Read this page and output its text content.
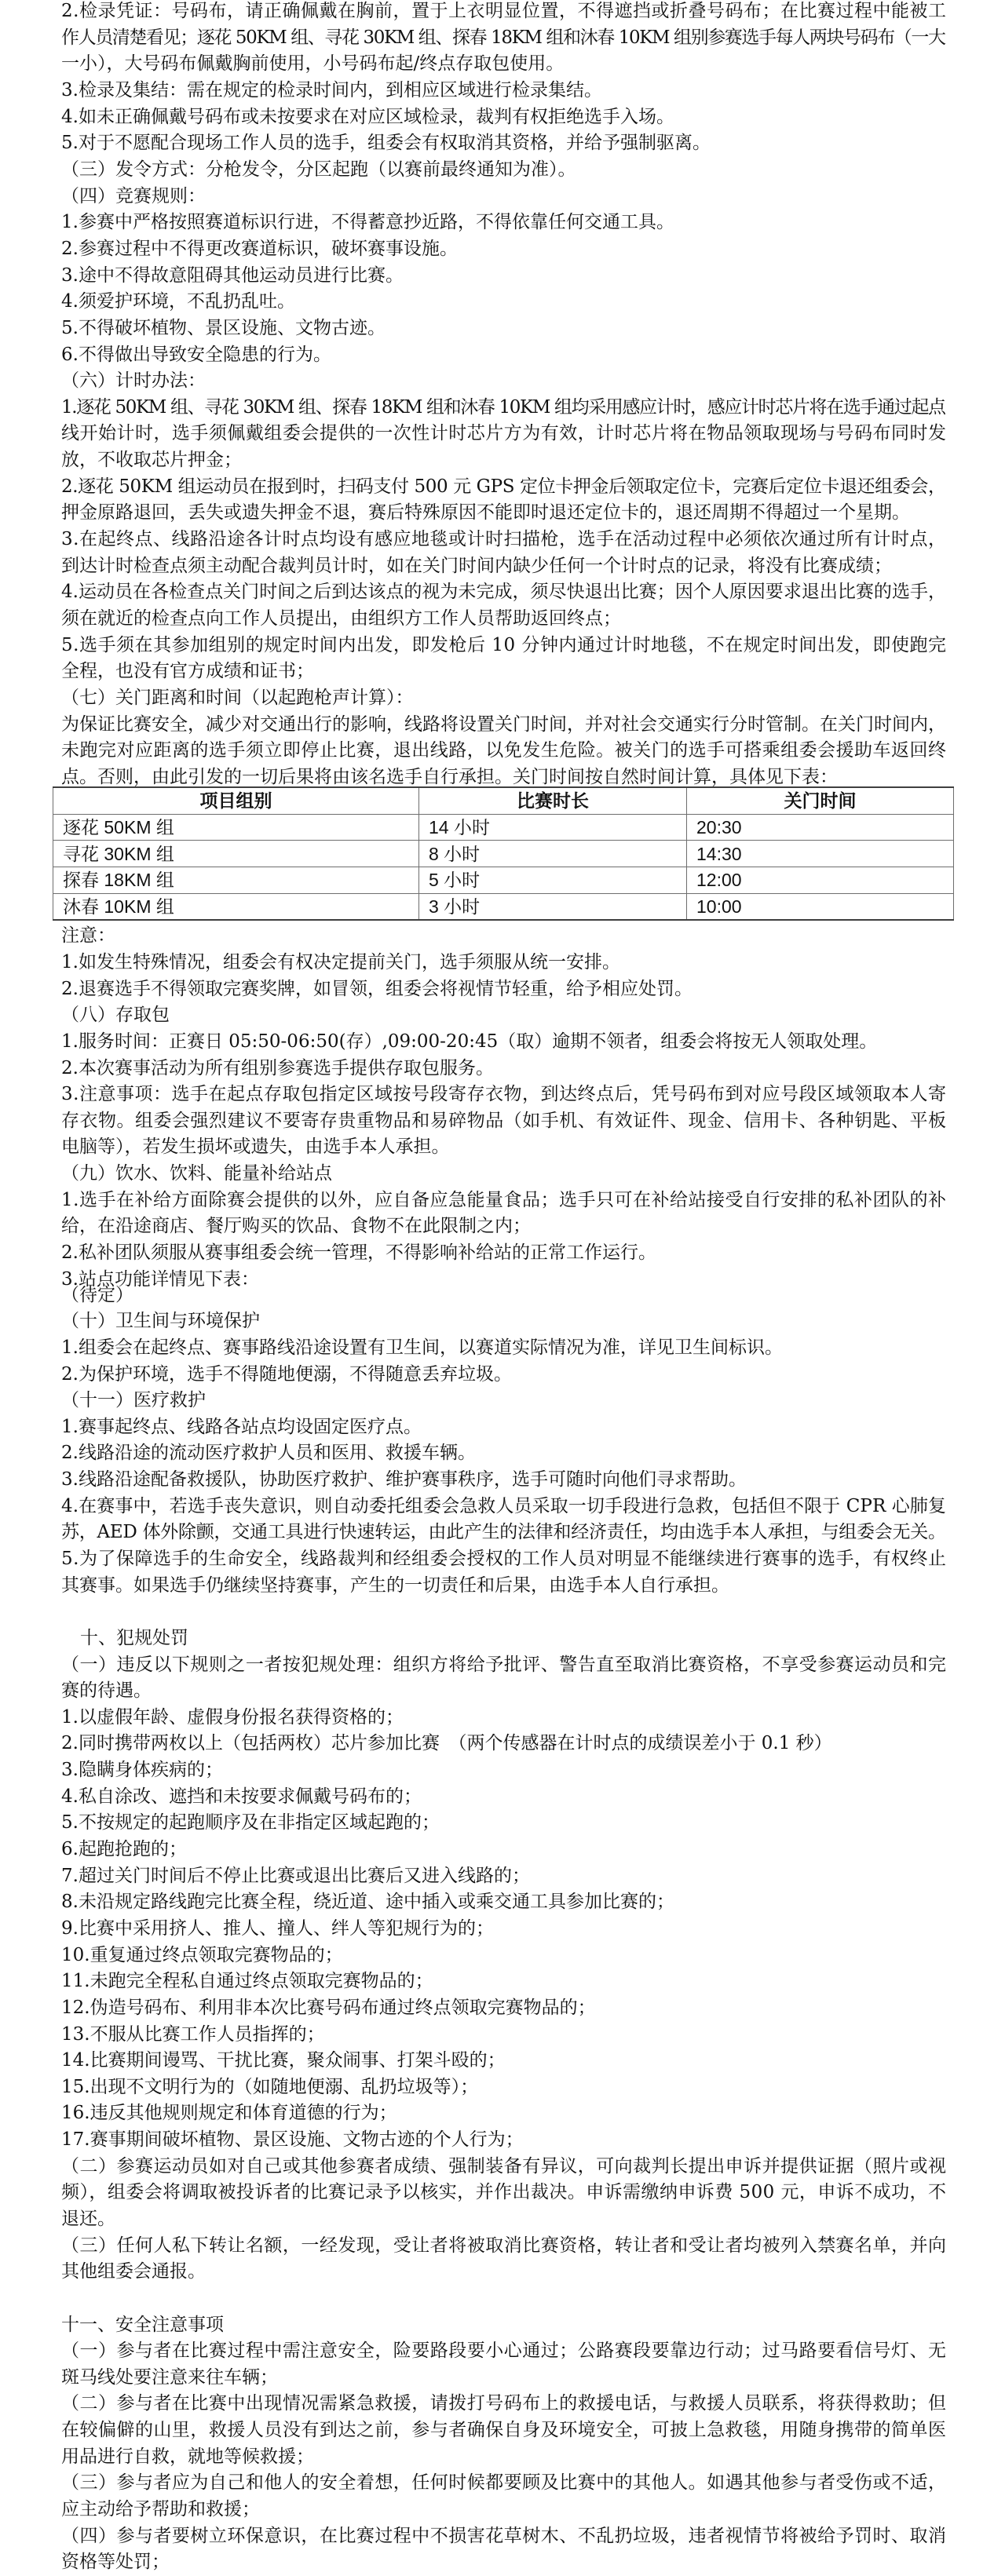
2.检录凭证：号码布，请正确佩戴在胸前，置于上衣明显位置，不得遮挡或折叠号码布；在比赛过程中能被工
作人员清楚看见；逐花 50KM 组、寻花 30KM 组、探春 18KM 组和沐春 10KM 组别参赛选手每人两块号码布（一大
一小），大号码布佩戴胸前使用，小号码布起/终点存取包使用。
3.检录及集结：需在规定的检录时间内，到相应区域进行检录集结。
4.如未正确佩戴号码布或未按要求在对应区域检录，裁判有权拒绝选手入场。
5.对于不愿配合现场工作人员的选手，组委会有权取消其资格，并给予强制驱离。
（三）发令方式：分枪发令，分区起跑（以赛前最终通知为准）。
（四）竞赛规则：
1.参赛中严格按照赛道标识行进，不得蓄意抄近路，不得依靠任何交通工具。
2.参赛过程中不得更改赛道标识，破坏赛事设施。
3.途中不得故意阻碍其他运动员进行比赛。
4.须爱护环境，不乱扔乱吐。
5.不得破坏植物、景区设施、文物古迹。
6.不得做出导致安全隐患的行为。
（六）计时办法：
1.逐花 50KM 组、寻花 30KM 组、探春 18KM 组和沐春 10KM 组均采用感应计时，感应计时芯片将在选手通过起点
线开始计时，选手须佩戴组委会提供的一次性计时芯片方为有效，计时芯片将在物品领取现场与号码布同时发
放，不收取芯片押金；
2.逐花 50KM 组运动员在报到时，扫码支付 500 元 GPS 定位卡押金后领取定位卡，完赛后定位卡退还组委会，
押金原路退回，丢失或遗失押金不退，赛后特殊原因不能即时退还定位卡的，退还周期不得超过一个星期。
3.在起终点、线路沿途各计时点均设有感应地毯或计时扫描枪，选手在活动过程中必须依次通过所有计时点，
到达计时检查点须主动配合裁判员计时，如在关门时间内缺少任何一个计时点的记录，将没有比赛成绩；
4.运动员在各检查点关门时间之后到达该点的视为未完成，须尽快退出比赛；因个人原因要求退出比赛的选手，
须在就近的检查点向工作人员提出，由组织方工作人员帮助返回终点；
5.选手须在其参加组别的规定时间内出发，即发枪后 10 分钟内通过计时地毯，不在规定时间出发，即使跑完
全程，也没有官方成绩和证书；
（七）关门距离和时间（以起跑枪声计算）：
为保证比赛安全，减少对交通出行的影响，线路将设置关门时间，并对社会交通实行分时管制。在关门时间内，
未跑完对应距离的选手须立即停止比赛，退出线路，以免发生危险。被关门的选手可搭乘组委会援助车返回终
点。否则，由此引发的一切后果将由该名选手自行承担。关门时间按自然时间计算，具体见下表：
项目组别	比赛时长	关门时间
逐花 50KM 组	14 小时	20:30
寻花 30KM 组	8 小时	14:30
探春 18KM 组	5 小时	12:00
沐春 10KM 组	3 小时	10:00
注意：
1.如发生特殊情况，组委会有权决定提前关门，选手须服从统一安排。
2.退赛选手不得领取完赛奖牌，如冒领，组委会将视情节轻重，给予相应处罚。
（八）存取包
1.服务时间：正赛日 05:50-06:50(存）,09:00-20:45（取）逾期不领者，组委会将按无人领取处理。
2.本次赛事活动为所有组别参赛选手提供存取包服务。
3.注意事项：选手在起点存取包指定区域按号段寄存衣物，到达终点后，凭号码布到对应号段区域领取本人寄
存衣物。组委会强烈建议不要寄存贵重物品和易碎物品（如手机、有效证件、现金、信用卡、各种钥匙、平板
电脑等），若发生损坏或遗失，由选手本人承担。
（九）饮水、饮料、能量补给站点
1.选手在补给方面除赛会提供的以外，应自备应急能量食品；选手只可在补给站接受自行安排的私补团队的补
给，在沿途商店、餐厅购买的饮品、食物不在此限制之内；
2.私补团队须服从赛事组委会统一管理，不得影响补给站的正常工作运行。
3.站点功能详情见下表：
（待定）
（十）卫生间与环境保护
1.组委会在起终点、赛事路线沿途设置有卫生间，以赛道实际情况为准，详见卫生间标识。
2.为保护环境，选手不得随地便溺，不得随意丢弃垃圾。
（十一）医疗救护
1.赛事起终点、线路各站点均设固定医疗点。
2.线路沿途的流动医疗救护人员和医用、救援车辆。
3.线路沿途配备救援队，协助医疗救护、维护赛事秩序，选手可随时向他们寻求帮助。
4.在赛事中，若选手丧失意识，则自动委托组委会急救人员采取一切手段进行急救，包括但不限于 CPR 心肺复
苏，AED 体外除颤，交通工具进行快速转运，由此产生的法律和经济责任，均由选手本人承担，与组委会无关。
5.为了保障选手的生命安全，线路裁判和经组委会授权的工作人员对明显不能继续进行赛事的选手，有权终止
其赛事。如果选手仍继续坚持赛事，产生的一切责任和后果，由选手本人自行承担。
十、犯规处罚
（一）违反以下规则之一者按犯规处理：组织方将给予批评、警告直至取消比赛资格，不享受参赛运动员和完
赛的待遇。
1.以虚假年龄、虚假身份报名获得资格的；
2.同时携带两枚以上（包括两枚）芯片参加比赛　（两个传感器在计时点的成绩误差小于 0.1 秒）
3.隐瞒身体疾病的；
4.私自涂改、遮挡和未按要求佩戴号码布的；
5.不按规定的起跑顺序及在非指定区域起跑的；
6.起跑抢跑的；
7.超过关门时间后不停止比赛或退出比赛后又进入线路的；
8.未沿规定路线跑完比赛全程，绕近道、途中插入或乘交通工具参加比赛的；
9.比赛中采用挤人、推人、撞人、绊人等犯规行为的；
10.重复通过终点领取完赛物品的；
11.未跑完全程私自通过终点领取完赛物品的；
12.伪造号码布、利用非本次比赛号码布通过终点领取完赛物品的；
13.不服从比赛工作人员指挥的；
14.比赛期间谩骂、干扰比赛，聚众闹事、打架斗殴的；
15.出现不文明行为的（如随地便溺、乱扔垃圾等）；
16.违反其他规则规定和体育道德的行为；
17.赛事期间破坏植物、景区设施、文物古迹的个人行为；
（二）参赛运动员如对自己或其他参赛者成绩、强制装备有异议，可向裁判长提出申诉并提供证据（照片或视
频），组委会将调取被投诉者的比赛记录予以核实，并作出裁决。申诉需缴纳申诉费 500 元，申诉不成功，不
退还。
（三）任何人私下转让名额，一经发现，受让者将被取消比赛资格，转让者和受让者均被列入禁赛名单，并向
其他组委会通报。
十一、安全注意事项
（一）参与者在比赛过程中需注意安全，险要路段要小心通过；公路赛段要靠边行动；过马路要看信号灯、无
斑马线处要注意来往车辆；
（二）参与者在比赛中出现情况需紧急救援，请拨打号码布上的救援电话，与救援人员联系，将获得救助；但
在较偏僻的山里，救援人员没有到达之前，参与者确保自身及环境安全，可披上急救毯，用随身携带的简单医
用品进行自救，就地等候救援；
（三）参与者应为自己和他人的安全着想，任何时候都要顾及比赛中的其他人。如遇其他参与者受伤或不适，
应主动给予帮助和救援；
（四）参与者要树立环保意识，在比赛过程中不损害花草树木、不乱扔垃圾，违者视情节将被给予罚时、取消
资格等处罚；
